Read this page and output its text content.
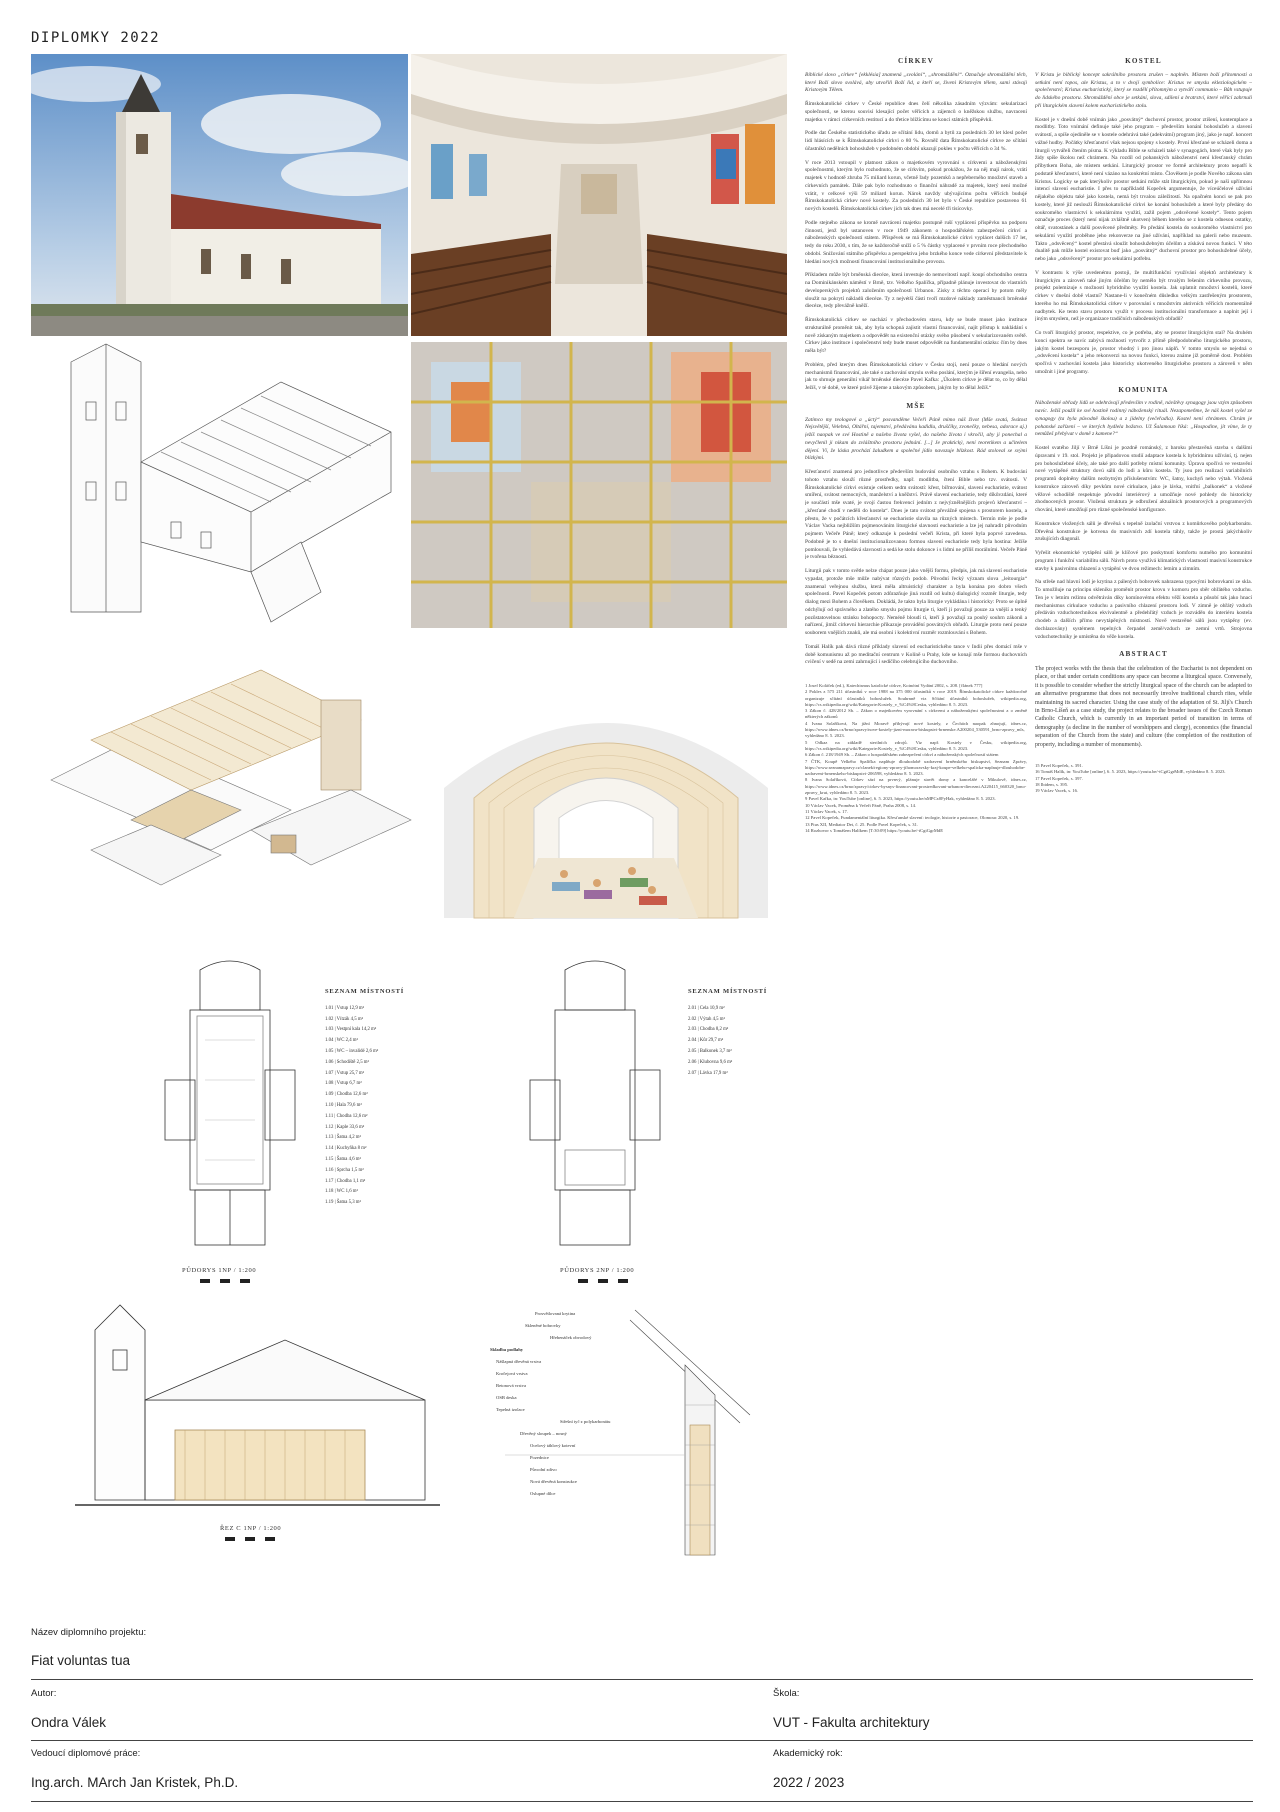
DIPLOMKY 2022
SEZNAM MÍSTNOSTÍ
1.01 | Vstup 12,9 m²
1.02 | Vítzák 4,5 m²
1.03 | Vestpní kala 14,2 m²
1.04 | WC 2,4 m²
1.05 | WC – invalidé 2,6 m²
1.06 | Schodiště 2,5 m²
1.07 | Vstup 25,7 m²
1.08 | Vstup 6,7 m²
1.09 | Chodba 12,6 m²
1.10 | Hala 79,6 m²
1.11 | Chodba 12,6 m²
1.12 | Kaple 33,6 m²
1.13 | Šatna 4,2 m²
1.14 | Kuchyňka 8 m²
1.15 | Šatna 4,6 m²
1.16 | Sprcha 1,5 m²
1.17 | Chodba 1,1 m²
1.18 | WC 1,6 m²
1.19 | Šatna 5,3 m²
PŮDORYS 1NP / 1:200
SEZNAM MÍSTNOSTÍ
2.01 | Cela 10,9 m²
2.02 | Výtah 4,5 m²
2.03 | Chodba 8,2 m²
2.04 | Kůr 29,7 m²
2.05 | Balkonek 3,7 m²
2.06 | Klubovna 9,6 m²
2.07 | Lávka 17,9 m²
PŮDORYS 2NP / 1:200
ŘEZ C 1NP / 1:200
Prosvětlovaná krytina
Skleněné bobrovky
Hřebenáček obvodový
Skladba podlahy
Nášlapná dřevěná vrstva
Kročejová vrstva
Betonová vrstva
OSB deska
Tepelná izolace
Střešní tyč z polykarbonátu
Dřevěný sloupek – nosný
Ocelový táhlový kotevní
Pozednice
Původní zdivo
Nová dřevěná konstrukce
Oslupné dílce
CÍRKEV

Biblické slovo „církev“ [ekklésia] znamená „svolání“, „shromáždění“. Označuje shromáždění těch, které Boží slovo svolává, aby utvořili Boží lid, a kteří se, živeni Kristovým tělem, sami stávají Kristovým Tělem.

Římskokatolické církev v České republice dnes čelí několika zásadním výzvám: sekularizaci společnosti, se kterou souvisí klesající počet věřících a zájemců o kněžskou službu, navracení majetku v rámci církevních restitucí a do třetice blížícímu se konci státních příspěvků.

Podle dat Českého statistického úřadu ze sčítání lidu, domů a bytů za posledních 30 let klesl počet lidí hlásících se k Římskokatolické církvi o 80 %. Rovněž data Římskokatolické církve ze sčítání účastníků nedělních bohoslužeb v podobném období ukazují pokles v počtu věřících o 34 %.

V roce 2013 vstoupil v platnost zákon o majetkovém vyrovnání s církvemi a náboženskými společnostmi, kterým bylo rozhodnuto, že se církvím, pokud prokážou, že na něj mají nárok, vrátí majetek v hodnotě zhruba 75 miliard korun, včetně řady pozemků a nepřeberného množství staveb a církevních památek. Dále pak bylo rozhodnuto o finanční náhradě za majetek, který není možné vrátit, v celkové výši 59 miliard korun. Nárok navždy ubývajícímu počtu věřících budujé Římskokatolická církev nové kostely. Za posledních 30 let bylo v České republice postaveno 61 nových kostelů. Římskokatolická církev jich tak dnes má necelé tři tisícovky.

Podle stejného zákona se kromě navrácení majetku postupně ruší vyplácení příspěvku na podporu činnosti, jenž byl ustanoven v roce 1949 zákonem o hospodářském zabezpečení církví a náboženských společností státem. Příspěvek se má Římskokatolické církvi vyplácet dalších 17 let, tedy do roku 2030, s tím, že se každoročně sníží o 5 % částky vyplacené v prvním roce přechodného období. Snižování státního příspěvku a perspektiva jeho brzkého konce vede církevní představitele k hledání nových možností financování institucionálního provozu.

Příkladem může být brněnská diecéze, která investuje do nemovitostí např. koupí obchodního centra na Dominikánském náměstí v Brně, tzv. Velkého Spalíčka, případně plánuje investovat do vlastních developerských projektů založením společnosti Urbanon. Zisky z těchto operací by potom měly sloužit na pokrytí nákladů diecéze. Ty z nejvétší části tvoří mzdové náklady zaměstnanců brněnské diecéze, tedy převážně kněží.

Římskokatolická církev se nachází v přechodovém stavu, kdy se bude muset jako instituce strukturálně proměnit tak, aby byla schopná zajistit vlastní financování, najít přístup k nakládání s nově získaným majetkem a odpovědět na existenční otázky svého působení v sekularizovaném světě. Církev jako instituce i společenství tedy bude muset odpovědět na fundamentální otázku: čím by dnes měla být?

Problém, před kterým dnes Římskokatolická církev v Česku stojí, není pouze o hledání nových mechanismů financování, ale také o zachování smyslu svého poslání, kterým je šíření evangelia, nebo jak to shrnuje generální vikář brněnské diecéze Pavel Kafka: „Úkolem církve je dělat to, co by dělal Ježíš, v té době, ve které právě žijeme a takovým způsobem, jakým by to dělal Ježíš.“

MŠE

Zatímco my teologové a „úctý“ posvanděme Večeři Páně mimo náš život (Mše svatá, Svátost Nejsvětější, Velebná, Oltářní, tajemství, předávánu kadidlu, druščiky, zvonečky, nebesa, adorace aj.) ježíš naopak ve své Hostině a našeho života vyšel, do našeho života i vkročil, aby ji ponechal a nevyčlenil ji nikam do zvláštního prostoru jednání. [...] Je praktický, není teoretikem a učitelem dějení. Ví, že láska prochází žaludkem a společné jídlo navozuje blízkost. Rád stoloval se svými blízkými.

Křesťanství znamená pro jednotlivce především budování osobního vztahu s Bohem. K budování tohoto vztahu slouží různé prostředky, např. modlitba, čtení Bible nebo tzv. svátosti. V Římskokatolické církvi existuje celkem sedm svátostí: křest, biřmování, slavení eucharistie, svátost smíření, svátost nemocných, manželství a kněžství. Právě slavení eucharistie, tedy díkůvzdání, které je součástí mše svaté, je svojí častou frekvencí jedním z nejvýznělnějších projevů křesťanství – „křesťané chodí v neděli do kostela“. Dnes je tato svátost převážně spojena s prostorem kostela, a přesto, že v počátcích křesťanství se eucharistie slavila na různých místech. Termín mše je podle Václav Vacka nejbližším pojmenováním liturgické slavnosti eucharistie a lze jej nahradit původním pojmem Večeře Páně; který odkazuje k poslední večeři Krista, při které byla poprvé zavedena. Podobně je to s dnešní institucionalizovanou formou slavení eucharistie tedy byla hostina: Ježíše pomlouvali, že vyhledává slavnosti a sedá ke stolu dokonce i s lidmi ne příliš morálními. Večeře Páně je tvořena bězností.

Liturgii pak v tomto světle nelze chápat pouze jako vnější formu, předpis, jak má slavení eucharistie vypadat, protože mše může nabývat různých podob. Původní řecký význam slova „leitourgia“ znamenal veřejnou službu, která měla altruistický charakter a byla konána pro dobro všech společnosti. Pavel Kopeček potom zdůrazňuje jiná rozdíl od kultu) dialogický rozměr liturgie, tedy dialog mezi Bohem a člověkem. Dokládá, že takto byla liturgie vykládána i historicky: Proto se úplně odchýlují od správného a zlatého smyslu pojmu liturgie ti, kteří ji považují pouze za vnější a tenký pozůstatovelnou stránku bohopocty. Neméně bloudí ti, kteří ji považují za pouhý souhrn zákonů a nařízení, jimiž církevní hierarchie přikazuje provádění posvátných obřadů. Liturgie proto není pouze souborem vnějších znaků, ale má osobní i kolektivní rozměr rozmlouvání s Bohem.

Tomáš Halík pak dává různé příklady slavení od eucharistického tance v Indii přes domácí mše v době komunismu až po meditační centrum v Kolíně u Prahy, kde se konají mše formou duchovních cvičení v sedě na zemi zahrnující i sedíčího celebrujícího duchovního.

1 Josef Koláček (ed.), Katechismus katolické církve, Koinótní Vydání 2002, s. 208. [článek 777]
2 Pokles z 575 211 účastníků v roce 1988 na 375 000 účastníků v roce 2019. Římskokatolické církev každoročně organizuje sčítání účastníků bohoslužeb. Souhrnně viz Sčítání účastníků bohoslužeb, wikipedia.org, https://cs.wikipedia.org/wiki/Kategorie:Kostely_v_%C4%8Cesku, vyhledáno 8. 5. 2023.
3 Zákon č. 428/2012 Sb. – Zákon o majetkovém vyrovnání s církvemi a náboženskými společnostmi a o změně některých zákonů
4 Ivana Solaříková, Na jižní Moravě přibývají nové kostely, z Čechách naopak zhnojují, idnes.cz, https://www.idnes.cz/brno/zpravy/nove-kostely-jizni-morava-biskupstvi-brnenske.A200204_530591_brno-zpravy_mls, vyhledáno 8. 5. 2023.
5 Odkaz na základě sterilních zdrojů. Viz např. Kostely v Česku, wikipedia.org, https://cs.wikipedia.org/wiki/Kategorie:Kostely_v_%C4%8Cesku, vyhledáno 8. 5. 2023.
6 Zákon č. 218/1949 Sb. – Zákon o hospodářském zabezpečení církví a náboženských společností státem
7 ČTK, Koupě Velkého Spalíčka naplňuje dlouhodobě uzdravení brněnského biskupství, Seznam Zprávy, https://www.seznamzpravy.cz/clanek/regiony-zpravy-jihomoravsky-kraj-koupe-velkeho-spalicka-naplnuje-dlouhodobe-uzdraveni-brnenskeho-biskupstvi-206598, vyhledáno 8. 5. 2023.
8 Ivana Solaříková, Církev sází na prvnvý, plánuje stavět domy a kancelářé v Mikulově, idnes.cz, https://www.idnes.cz/brno/zpravy/cirkev-bysnys-financovani-prostredkovani-urbanon-diecezni.A220415_660320_brno-zpravy_krut, vyhledáno 8. 5. 2023.
9 Pavel Kafka, in: YouTube [online], 6. 5. 2023, https://youtu.be/nMPCx0FyHak, vyhledáno 8. 5. 2023.
10 Václav Vacek, Proměna k Večeři Páně, Praha 2008, s. 14.
11 Václav Vacek, s. 17.
12 Pavel Kopeček, Fundamentální liturgika. Křesťanské slavení: teologie, historie a pastorace, Olomouc 2020, s. 19.
13 Pius XII, Mediator Dei, č. 25. Podle Pavel Kopeček, s. 31.
14 Rozhovor s Tomášem Halíkem [T:30:09] https://youtu.be/-tCgtGgrMdE
KOSTEL

V Kristu je biblický koncept sakrálního prostoru zrušen – naplněn. Místem boží přítomnosti a setkání není topos, ale Kristus, a to v dvojí symbolice: Kristus ve smyslu ekleziologickém – společenství; Kristus eucharistický, který se rozdělí přítomným a vytváří communio – Bůh vstupuje do lidského prostoru. Shromáždění obce je setkání, slova, sdílení a bratrství, které věřící zahrnuli při liturgickém slavení kolem eucharistického stolu.

Kostel je v dnešní době vnímán jako „posvátný“ duchovní prostor, prostor ztišení, kontemplace a modlitby. Toto vnímání definuje také jeho program – především konání bohoslužeb a slavení svátostí, a spíše ojediněle se v kostele odehrává také (adekvátní) program jiný, jako je např. koncert vážné hudby. Počátky křesťanství však nejsou spojeny s kostely. První křesťané se scházeli doma a liturgii vytvářeli čtením písma. K výkladu Bible se scházeli také v synagogách, které však byly pro židy spíše školou než chrámem. Na rozdíl od pohanských náboženství není křesťanský chrám příbytkem Boha, ale místem setkání. Liturgický prostor ve formě architektury proto nepatří k podstatě křesťanství, které není vázáno na konkrétní místo. Člověkem je podle Nového zákona sám Kristus. Logicky se pak kterýkoliv prostor setkání může stát liturgickým, pokud je naši upřímnou intencí slavení eucharistie. I přes to napříkladd Kopeček argumentuje, že víceúčelové užívání nějakého objektu také jako kostela, nemá být trvalou záležitostí. Na opačném konci se pak pro kostely, které již neslouží Římskokatolické církvi ke konání bohoslužeb a které byly předány do soukromého vlastnictví k sekulárnímu využití, zažil pojem „odsvěcené kostely“. Tento pojem označuje proces (který není nijak zvláštně ukotven) během kterého se z kostela odnesou ostatky, oltář, svatostánek a další posvěcené předměty. Po předání kostela do soukromého vlastnictví pro sekulární využití proběhne jeho rekonverze na jiné užívání, například na galerii nebo muzeum. Takto „odsvěcený“ kostel přestává sloužit bohoslužebným účelům a získává novou funkci. V této dualitě pak může kostel existovat buď jako „posvátný“ duchovní prostor pro bohoslužebné účely, nebo jako „odsvěcený“ prostor pro sekulární potřebu.

V kontrastu k výše uvedenému postoji, že multifunkční využívání objektů architektury k liturgickým a zároveň také jiným účelům by nemělo být trvalým řešením církevního provozu, projekt polemizuje s možností hybridního využití kostela. Jak uplatnit množství kostelů, které církev v dnešní době vlastní? Nastane-li v konečném důsledku velkým zastřešeným prostorem, kterého ho má Římskokatolická církev v porovnání s množstvím aktivních věřících momentálně nadbytek. Ke tento stavu prostoru využít v procesu institucionální transformace a naplnit její i jiným smyslem, než je organizace tradičních náboženských obřadů?

Co tvoří liturgický prostor, respektive, co je potřeba, aby se prostor liturgickým stal? Na druhém konci spektra se navíc zabývá možností vytvořit z přímě předpodobného liturgického prostoru, jakým kostel bezesporu je, prostor vhodný i pro jinou náplň. V tomto smyslu se nejedná o „odsvěcení kostela“ a jeho rekonverzi na novou funkci, kterou známe již poměrně dost. Problém spočívá v zachování kostela jako historicky ukotveného liturgického prostoru a zároveň v něm umožnit i jiné programy.

KOMUNITA

Náboženské obřady lidů se odehrávají především v rodině, návštěvy synagogy jsou vzým způsobem navíc. Ježíš použil ke své hostině rodinný náboženský rituál. Nezapomeňme, že náš kostel vyšel ze synagogy (ta byla původně školou) a z jídelny (večeřadla). Kostel není chrámem. Chrám je pohanské zařízení – ve kterých bydlela božstvo. Už Šalamoun říká: „Hospodine, jít víme, že ty nemůžeš přebývat v domě z kamene?“

Kostel svatého Jiljí v Brně Líšni je pozdně románský, z baroku přestavěná stavba s dalšími úpravami v 19. stol. Projekt je připadovou studií adaptace kostela k hybridnímu užívání, tj. nejen pro bohoslužebné účely, ale také pro další potřeby místní komunity. Úprava spočívá ve vestavění nové vytápěné struktury dovú sálů do lodi a kůru kostela. Ty jsou pro realizaci variabilních programů doplněny dalším nezbytným příslušenstvím: WC, šatny, kuchyň nebo výtah. Vložená konstrukce zároveň díky pevkům nové cirkulace, jako je lávka, vnitřní „balkonek“ a vložené věžové schodiště respektuje původní interiérový a umožňuje nové pohledy do historicky zhodnocených prostor. Vložená struktura je odbrožení aktuálních prostorových a programových chování, které umožňují pro různé společenské konfigurace.

Konstrukce vložených sálů je dřevěná s tepelně izolační vrstvou z komůrkového polykarbonátu. Dřevěná konstrukce je kotvena do masivních zdí kostela táhly, takže je prostá jakýchkoliv zrušujících diagonál.

Vyřešit ekonomické vytápění sálů je klíčové pro poskytnutí komfortu nutného pro komunitní program i funkční variabilitu sálů. Návrh proto využívá klimatických vlastností masivní konstrukce stavby k pasivnímu chlazení a vytápění ve dvou režimech: letním a zimním.

Na střeše nad hlavní lodí je krytina z pálených bobrovek nahrazena typovými bobrovkami ze skla. To umožňuje na principu skleníku proměnit prostor krovu v komoru pro sběr ohřátého vzduchu. Ten je v letním režimu odvětráván díky komínovému efektu věží kostela a působí tak jako hnací mechanismus cirkulace vzduchu a pasivního chlazení prostoru lodi. V zimně je ohřátý vzduch předáván vzduchotechnikou ekvivalentně a předehřátý vzduch je rozváděn do interiéru kostela chodeb a dalších přímo nevytápěných místností. Nově vestavěné sálů jsou vytápěny (ev. dochlazovány) systémem tepelných čerpadel země/vzduch ze zemní vrtů. Strojovna vzduchotechniky je umístěna do věže kostela.

ABSTRACT

The project works with the thesis that the celebration of the Eucharist is not dependent on place, or that under certain conditions any space can become a liturgical space. Conversely, it is possible to consider whether the strictly liturgical space of the church can be adapted to an alternative programme that does not necessarily involve traditional church rites, while maintaining its sacred character. Using the case study of the adaptation of St. Jiljí's Church in Brno-Líšeň as a case study, the project relates to the broader issues of the Czech Roman Catholic Church, which is currently in an important period of transition in terms of demography (a decline in the number of worshippers and clergy), economics (the financial separation of the Church from the state) and culture (the completion of the restitution of property, including a number of monuments).

15 Pavel Kopeček, s. 391.
16 Tomáš Halík, in: YouTube [online], 6. 5. 2023, https://youtu.be/-tCgtGgrMdE, vyhledáno 8. 5. 2023.
17 Pavel Kopeček, s. 397.
18 Ibidem, s. 395.
19 Václav Vacek, s. 16.
Název diplomního projektu:
Fiat voluntas tua
Autor:
Ondra Válek
Škola:
VUT - Fakulta architektury
Vedoucí diplomové práce:
Ing.arch. MArch Jan Kristek, Ph.D.
Akademický rok:
2022 / 2023
